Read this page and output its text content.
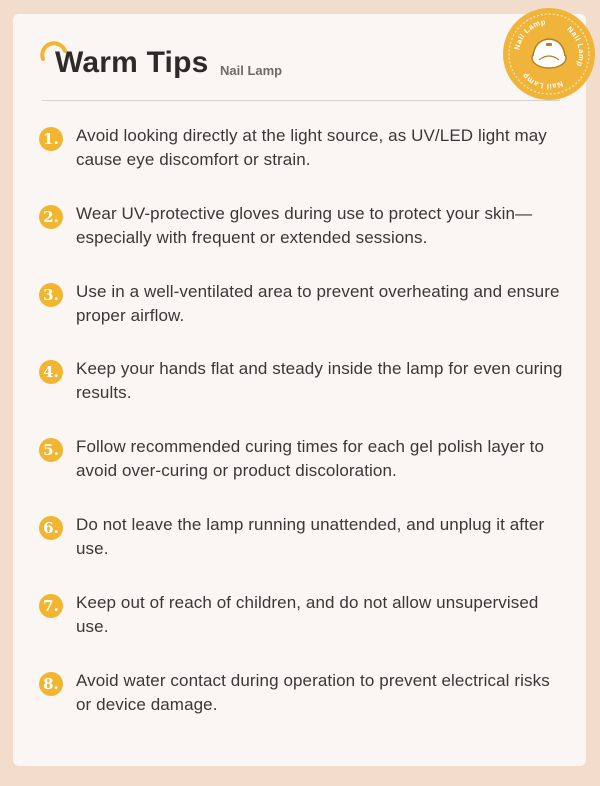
Warm Tips Nail Lamp
Nail Lamp
Nail Lamp
Nail Lamp
1. Avoid looking directly at the light source, as UV/LED light may cause eye discomfort or strain.
2. Wear UV-protective gloves during use to protect your skin—especially with frequent or extended sessions.
3. Use in a well-ventilated area to prevent overheating and ensure proper airflow.
4. Keep your hands flat and steady inside the lamp for even curing results.
5. Follow recommended curing times for each gel polish layer to avoid over-curing or product discoloration.
6. Do not leave the lamp running unattended, and unplug it after use.
7. Keep out of reach of children, and do not allow unsupervised use.
8. Avoid water contact during operation to prevent electrical risks or device damage.
